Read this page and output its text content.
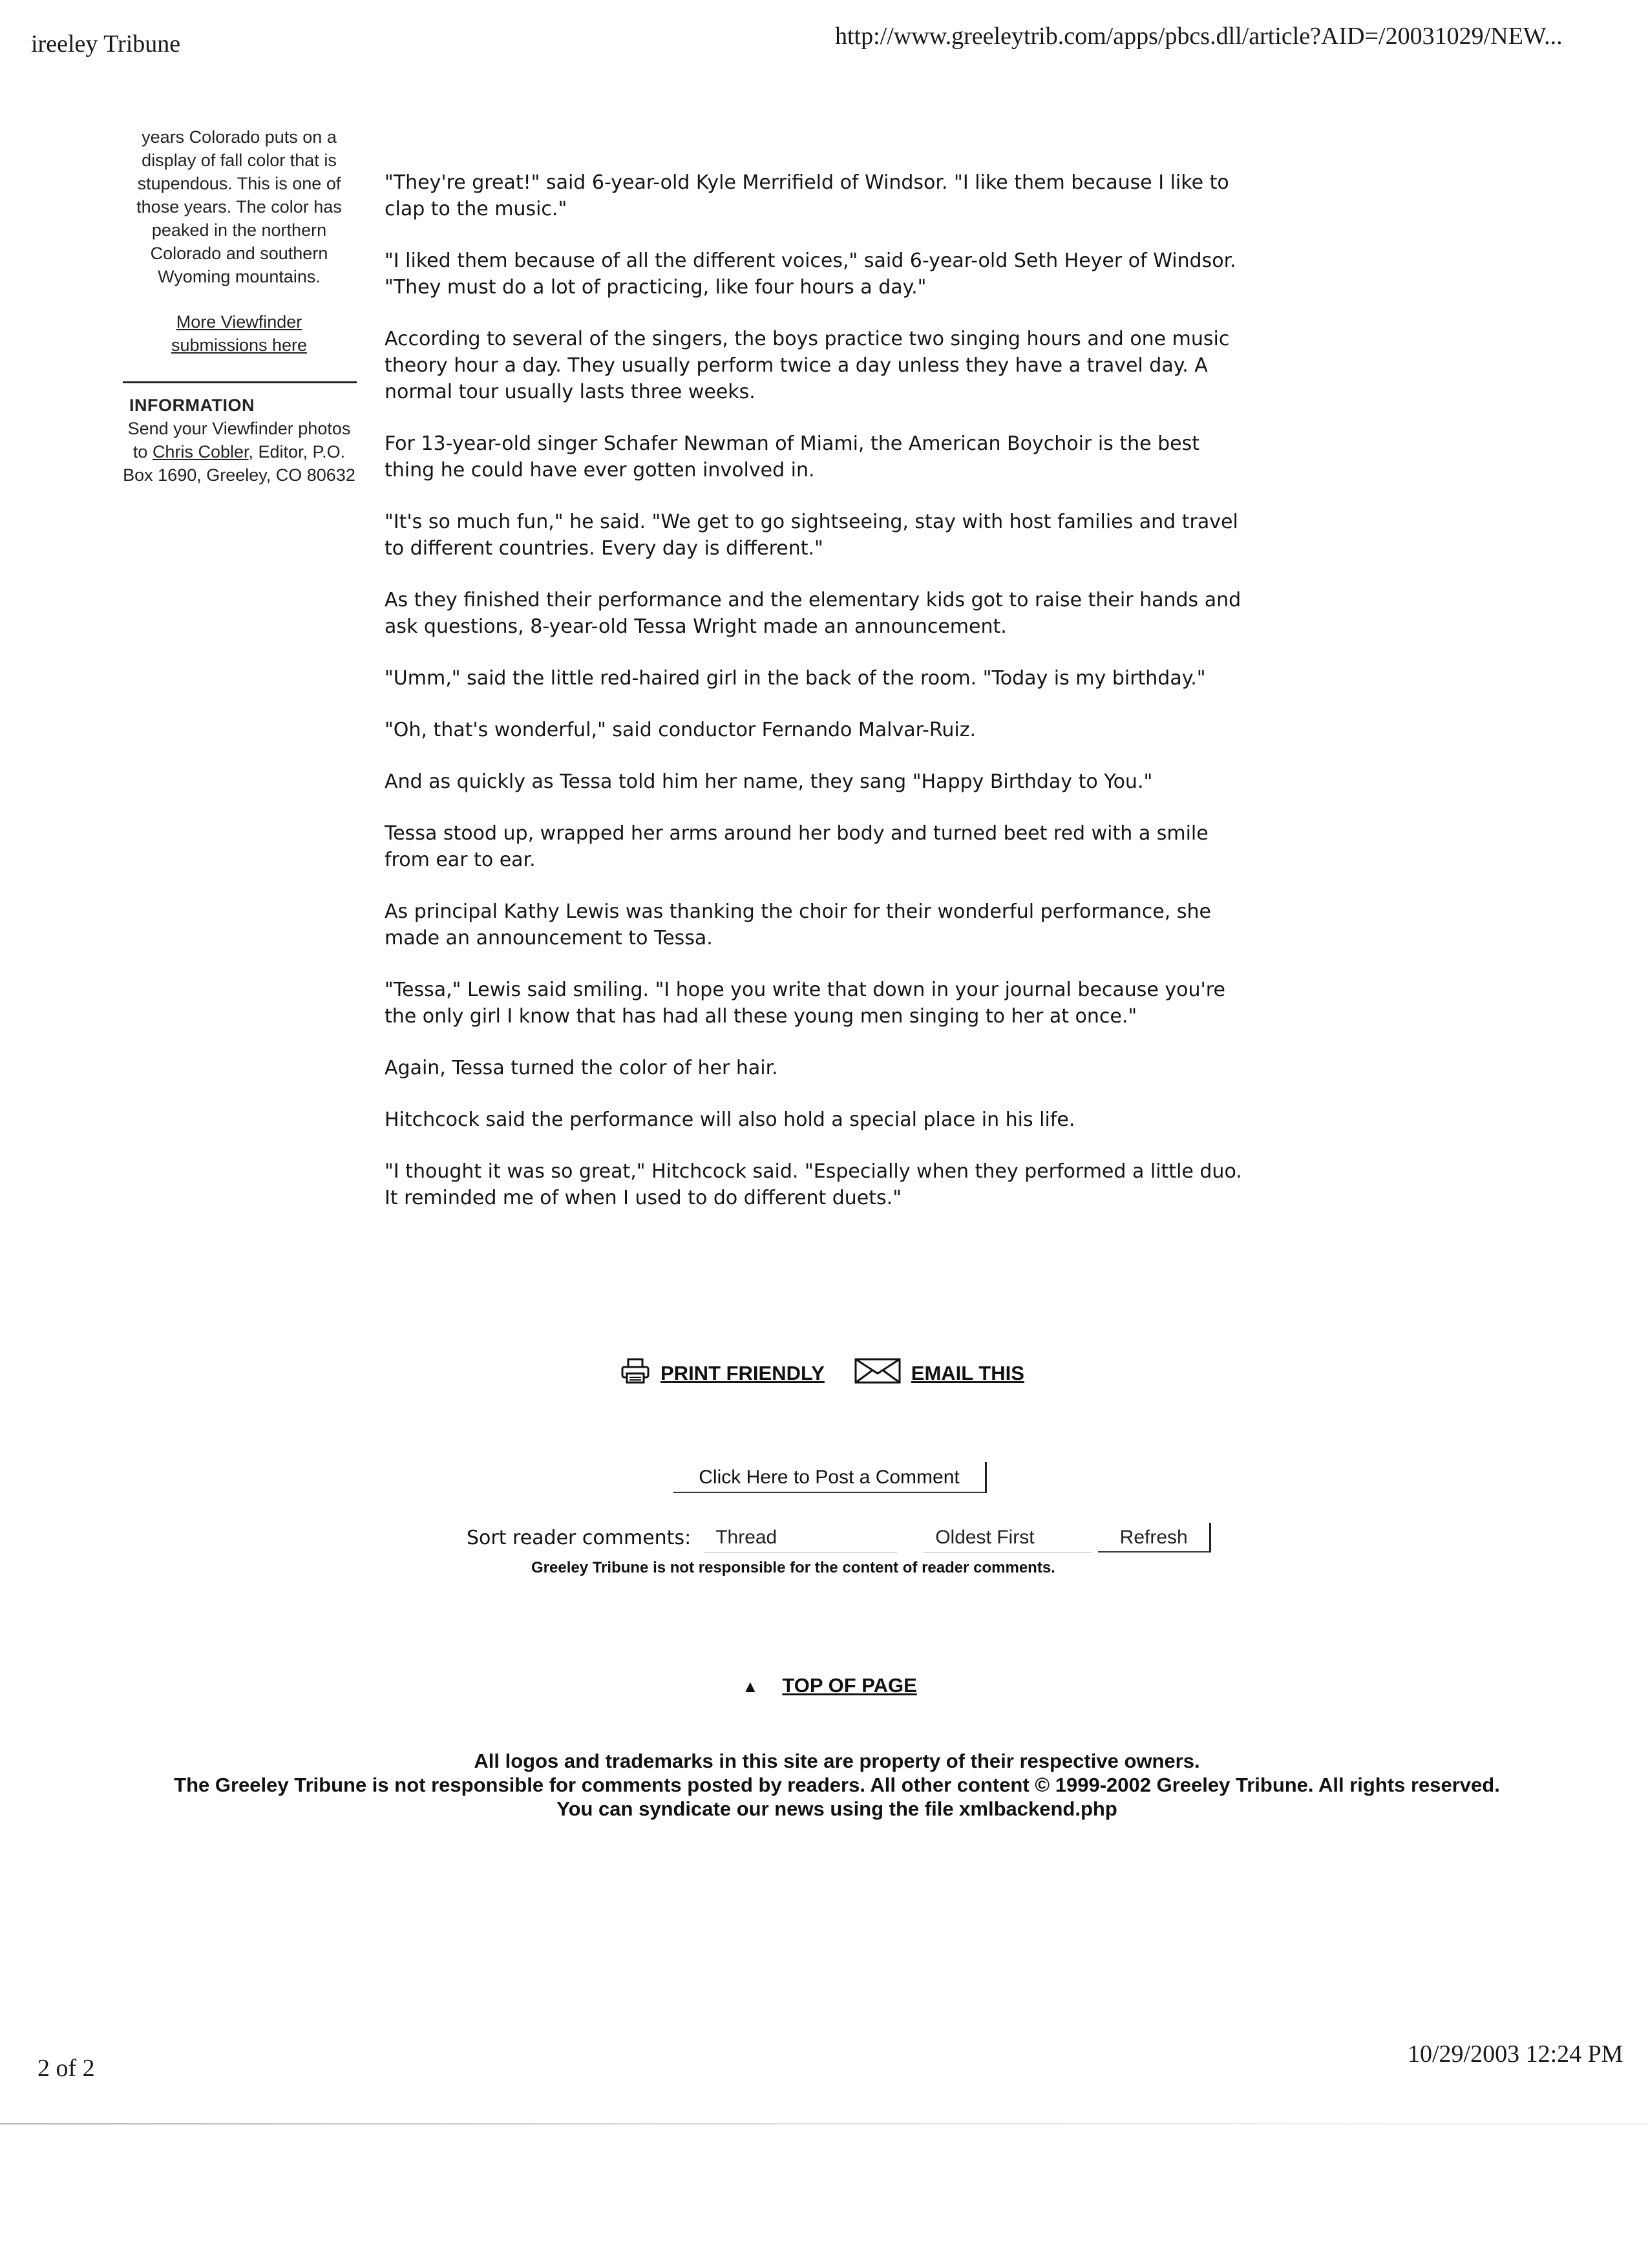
ireeley Tribune	http://www.greeleytrib.com/apps/pbcs.dll/article?AID=/20031029/NEW...
years Colorado puts on a display of fall color that is stupendous. This is one of those years. The color has peaked in the northern Colorado and southern Wyoming mountains.
More Viewfinder
submissions here
INFORMATION
Send your Viewfinder photos to Chris Cobler, Editor, P.O. Box 1690, Greeley, CO 80632

"They're great!" said 6-year-old Kyle Merrifield of Windsor. "I like them because I like to clap to the music."

"I liked them because of all the different voices," said 6-year-old Seth Heyer of Windsor. "They must do a lot of practicing, like four hours a day."

According to several of the singers, the boys practice two singing hours and one music theory hour a day. They usually perform twice a day unless they have a travel day. A normal tour usually lasts three weeks.

For 13-year-old singer Schafer Newman of Miami, the American Boychoir is the best thing he could have ever gotten involved in.

"It's so much fun," he said. "We get to go sightseeing, stay with host families and travel to different countries. Every day is different."

As they finished their performance and the elementary kids got to raise their hands and ask questions, 8-year-old Tessa Wright made an announcement.

"Umm," said the little red-haired girl in the back of the room. "Today is my birthday."

"Oh, that's wonderful," said conductor Fernando Malvar-Ruiz.

And as quickly as Tessa told him her name, they sang "Happy Birthday to You."

Tessa stood up, wrapped her arms around her body and turned beet red with a smile from ear to ear.

As principal Kathy Lewis was thanking the choir for their wonderful performance, she made an announcement to Tessa.

"Tessa," Lewis said smiling. "I hope you write that down in your journal because you're the only girl I know that has had all these young men singing to her at once."

Again, Tessa turned the color of her hair.

Hitchcock said the performance will also hold a special place in his life.

"I thought it was so great," Hitchcock said. "Especially when they performed a little duo. It reminded me of when I used to do different duets."

PRINT FRIENDLY	EMAIL THIS
Click Here to Post a Comment
Sort reader comments:	Thread	Oldest First	Refresh
Greeley Tribune is not responsible for the content of reader comments.
▲ TOP OF PAGE
All logos and trademarks in this site are property of their respective owners.
The Greeley Tribune is not responsible for comments posted by readers. All other content © 1999-2002 Greeley Tribune. All rights reserved.
You can syndicate our news using the file xmlbackend.php
2 of 2
10/29/2003 12:24 PM
